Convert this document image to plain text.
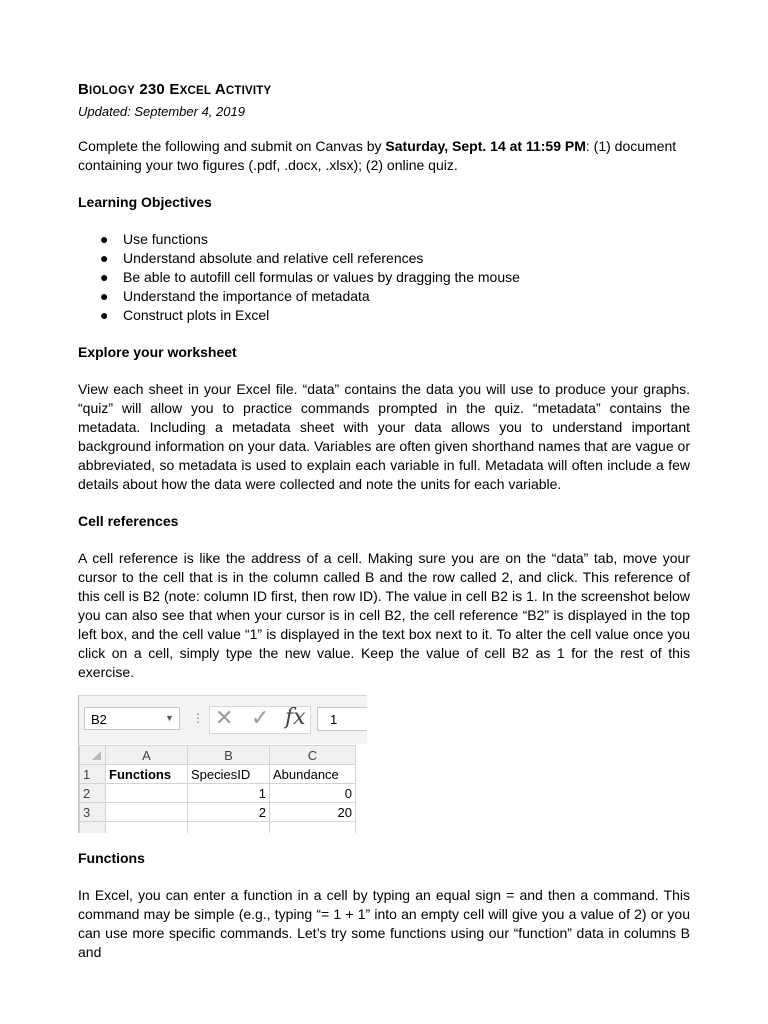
BIOLOGY 230 EXCEL ACTIVITY

Updated: September 4, 2019

Complete the following and submit on Canvas by Saturday, Sept. 14 at 11:59 PM: (1) document containing your two figures (.pdf, .docx, .xlsx); (2) online quiz.

Learning Objectives

● Use functions
● Understand absolute and relative cell references
● Be able to autofill cell formulas or values by dragging the mouse
● Understand the importance of metadata
● Construct plots in Excel

Explore your worksheet

View each sheet in your Excel file. “data” contains the data you will use to produce your graphs. “quiz” will allow you to practice commands prompted in the quiz. “metadata” contains the metadata. Including a metadata sheet with your data allows you to understand important background information on your data. Variables are often given shorthand names that are vague or abbreviated, so metadata is used to explain each variable in full. Metadata will often include a few details about how the data were collected and note the units for each variable.

Cell references

A cell reference is like the address of a cell. Making sure you are on the “data” tab, move your cursor to the cell that is in the column called B and the row called 2, and click. This reference of this cell is B2 (note: column ID first, then row ID). The value in cell B2 is 1. In the screenshot below you can also see that when your cursor is in cell B2, the cell reference “B2” is displayed in the top left box, and the cell value “1” is displayed in the text box next to it. To alter the cell value once you click on a cell, simply type the new value. Keep the value of cell B2 as 1 for the rest of this exercise.

B2	▼ ⋮ ✕ ✓ fx	1
	A	B	C
1	Functions	SpeciesID	Abundance
2		1	0
3		2	20

Functions

In Excel, you can enter a function in a cell by typing an equal sign = and then a command. This command may be simple (e.g., typing “= 1 + 1” into an empty cell will give you a value of 2) or you can use more specific commands. Let’s try some functions using our “function” data in columns B and
